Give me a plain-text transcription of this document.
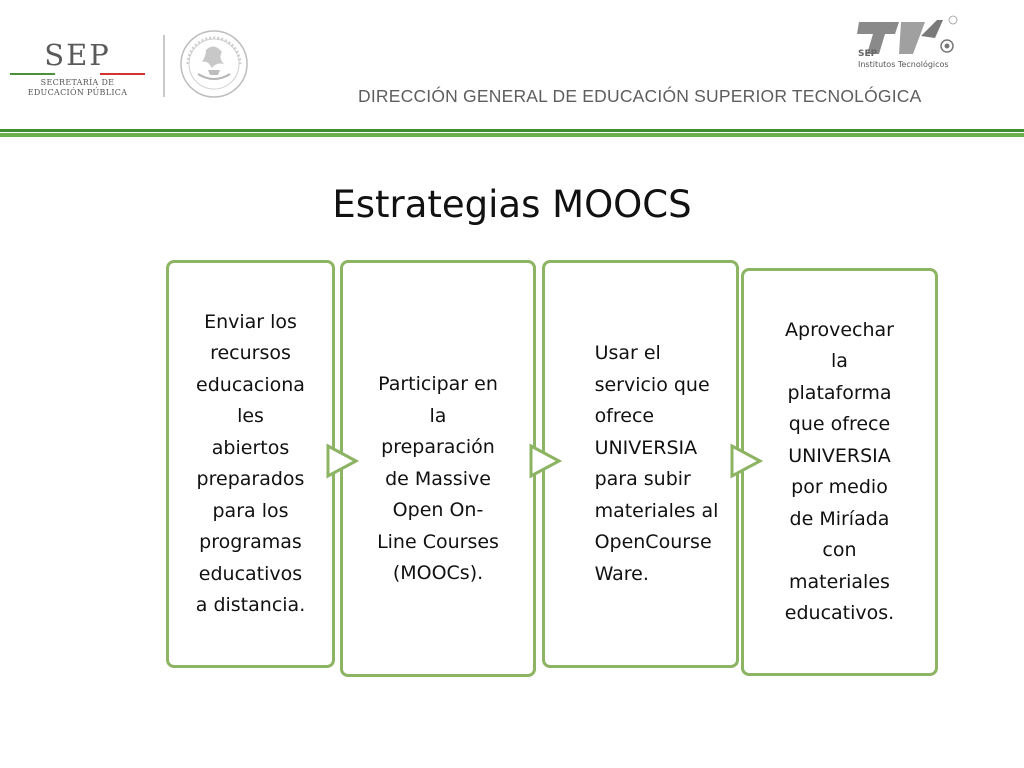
SEP
SECRETARÍA DE
EDUCACIÓN PÚBLICA
SEP
Institutos Tecnológicos
DIRECCIÓN GENERAL DE EDUCACIÓN SUPERIOR TECNOLÓGICA
Estrategias MOOCS
Enviar los
recursos
educaciona
les
abiertos
preparados
para los
programas
educativos
a distancia.
Participar en
la
preparación
de Massive
Open On-
Line Courses
(MOOCs).
Usar el
servicio que
ofrece
UNIVERSIA
para subir
materiales al
OpenCourse
Ware.
Aprovechar
la
plataforma
que ofrece
UNIVERSIA
por medio
de Miríada
con
materiales
educativos.
